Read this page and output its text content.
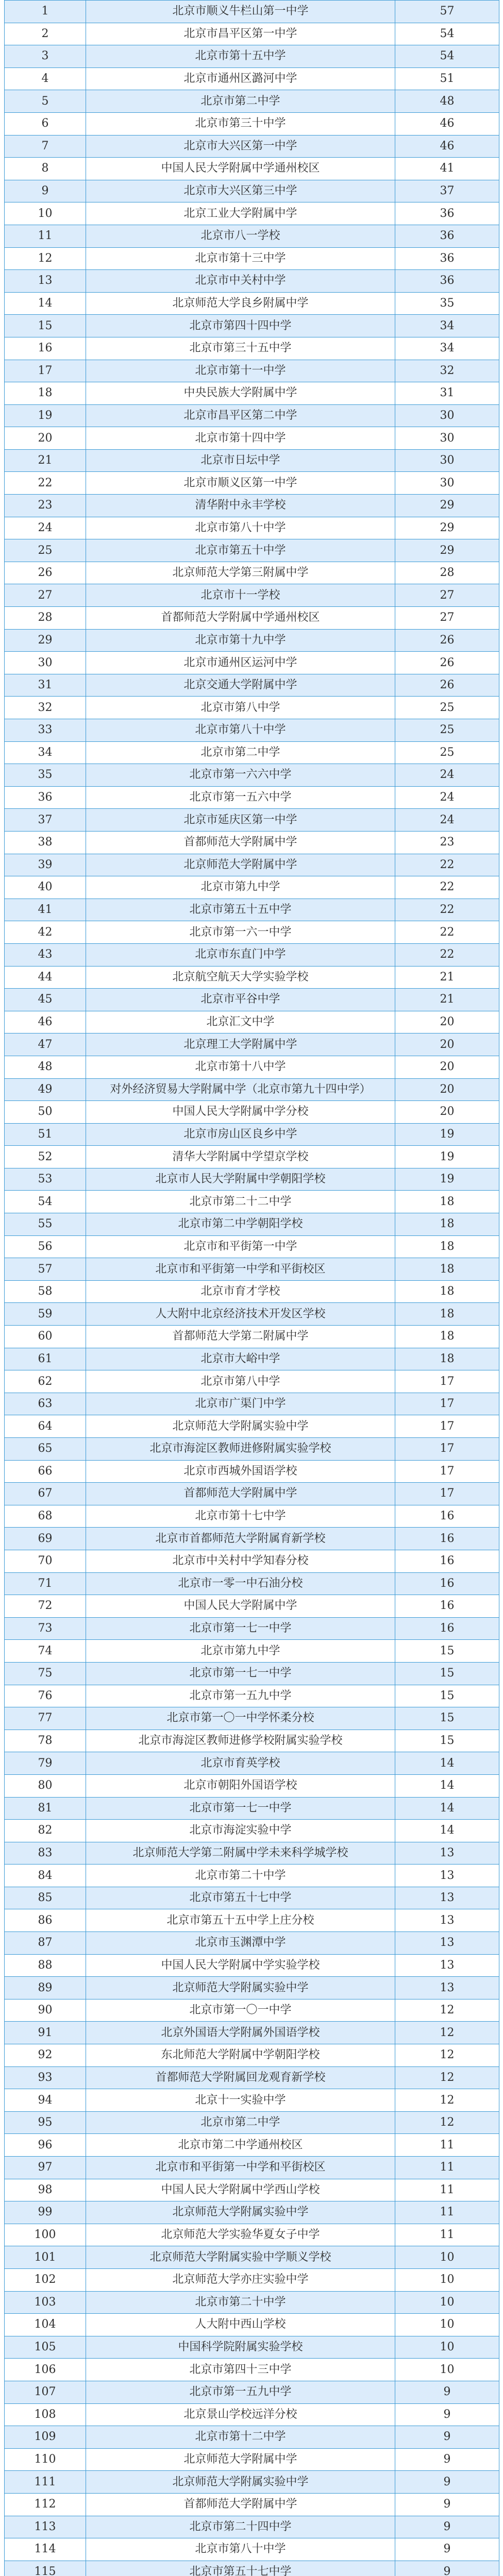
1	北京市顺义牛栏山第一中学	57
2	北京市昌平区第一中学	54
3	北京市第十五中学	54
4	北京市通州区潞河中学	51
5	北京市第二中学	48
6	北京市第三十中学	46
7	北京市大兴区第一中学	46
8	中国人民大学附属中学通州校区	41
9	北京市大兴区第三中学	37
10	北京工业大学附属中学	36
11	北京市八一学校	36
12	北京市第十三中学	36
13	北京市中关村中学	36
14	北京师范大学良乡附属中学	35
15	北京市第四十四中学	34
16	北京市第三十五中学	34
17	北京市第十一中学	32
18	中央民族大学附属中学	31
19	北京市昌平区第二中学	30
20	北京市第十四中学	30
21	北京市日坛中学	30
22	北京市顺义区第一中学	30
23	清华附中永丰学校	29
24	北京市第八十中学	29
25	北京市第五十中学	29
26	北京师范大学第三附属中学	28
27	北京市十一学校	27
28	首都师范大学附属中学通州校区	27
29	北京市第十九中学	26
30	北京市通州区运河中学	26
31	北京交通大学附属中学	26
32	北京市第八中学	25
33	北京市第八十中学	25
34	北京市第二中学	25
35	北京市第一六六中学	24
36	北京市第一五六中学	24
37	北京市延庆区第一中学	24
38	首都师范大学附属中学	23
39	北京师范大学附属中学	22
40	北京市第九中学	22
41	北京市第五十五中学	22
42	北京市第一六一中学	22
43	北京市东直门中学	22
44	北京航空航天大学实验学校	21
45	北京市平谷中学	21
46	北京汇文中学	20
47	北京理工大学附属中学	20
48	北京市第十八中学	20
49	对外经济贸易大学附属中学（北京市第九十四中学）	20
50	中国人民大学附属中学分校	20
51	北京市房山区良乡中学	19
52	清华大学附属中学望京学校	19
53	北京市人民大学附属中学朝阳学校	19
54	北京市第二十二中学	18
55	北京市第二中学朝阳学校	18
56	北京市和平街第一中学	18
57	北京市和平街第一中学和平街校区	18
58	北京市育才学校	18
59	人大附中北京经济技术开发区学校	18
60	首都师范大学第二附属中学	18
61	北京市大峪中学	18
62	北京市第八中学	17
63	北京市广渠门中学	17
64	北京师范大学附属实验中学	17
65	北京市海淀区教师进修附属实验学校	17
66	北京市西城外国语学校	17
67	首都师范大学附属中学	17
68	北京市第十七中学	16
69	北京市首都师范大学附属育新学校	16
70	北京市中关村中学知春分校	16
71	北京市一零一中石油分校	16
72	中国人民大学附属中学	16
73	北京市第一七一中学	16
74	北京市第九中学	15
75	北京市第一七一中学	15
76	北京市第一五九中学	15
77	北京市第一〇一中学怀柔分校	15
78	北京市海淀区教师进修学校附属实验学校	15
79	北京市育英学校	14
80	北京市朝阳外国语学校	14
81	北京市第一七一中学	14
82	北京市海淀实验中学	14
83	北京师范大学第二附属中学未来科学城学校	13
84	北京市第二十中学	13
85	北京市第五十七中学	13
86	北京市第五十五中学上庄分校	13
87	北京市玉渊潭中学	13
88	中国人民大学附属中学实验学校	13
89	北京师范大学附属实验中学	13
90	北京市第一〇一中学	12
91	北京外国语大学附属外国语学校	12
92	东北师范大学附属中学朝阳学校	12
93	首都师范大学附属回龙观育新学校	12
94	北京十一实验中学	12
95	北京市第二中学	12
96	北京市第二中学通州校区	11
97	北京市和平街第一中学和平街校区	11
98	中国人民大学附属中学西山学校	11
99	北京师范大学附属实验中学	11
100	北京师范大学实验华夏女子中学	11
101	北京师范大学附属实验中学顺义学校	10
102	北京师范大学亦庄实验中学	10
103	北京市第二十中学	10
104	人大附中西山学校	10
105	中国科学院附属实验学校	10
106	北京市第四十三中学	10
107	北京市第一五九中学	9
108	北京景山学校远洋分校	9
109	北京市第十二中学	9
110	北京师范大学附属中学	9
111	北京师范大学附属实验中学	9
112	首都师范大学附属中学	9
113	北京市第二十四中学	9
114	北京市第八十中学	9
115	北京市第五十七中学	9
